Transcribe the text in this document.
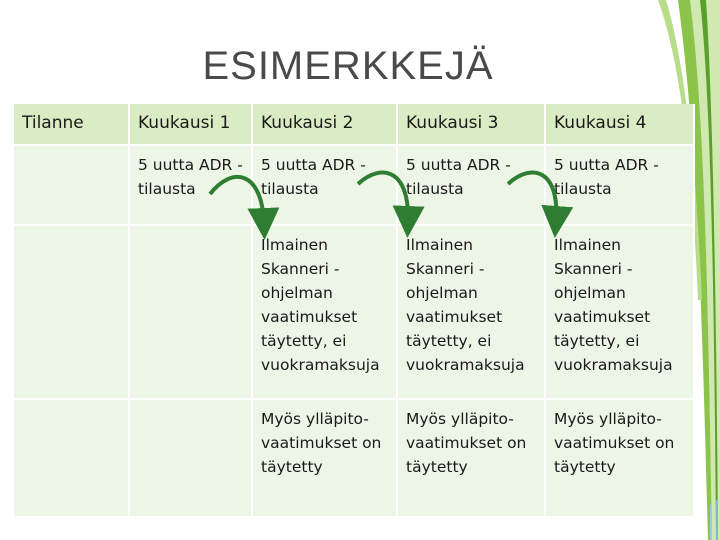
ESIMERKKEJÄ
Tilanne	Kuukausi 1	Kuukausi 2	Kuukausi 3	Kuukausi 4
	5 uutta ADR -tilausta	5 uutta ADR - tilausta	5 uutta ADR - tilausta	5 uutta ADR - tilausta
		Ilmainen Skanneri - ohjelman vaatimukset täytetty, ei vuokramaksuja	Ilmainen Skanneri - ohjelman vaatimukset täytetty, ei vuokramaksuja	Ilmainen Skanneri - ohjelman vaatimukset täytetty, ei vuokramaksuja
		Myös ylläpito-vaatimukset on täytetty	Myös ylläpito-vaatimukset on täytetty	Myös ylläpito-vaatimukset on täytetty
